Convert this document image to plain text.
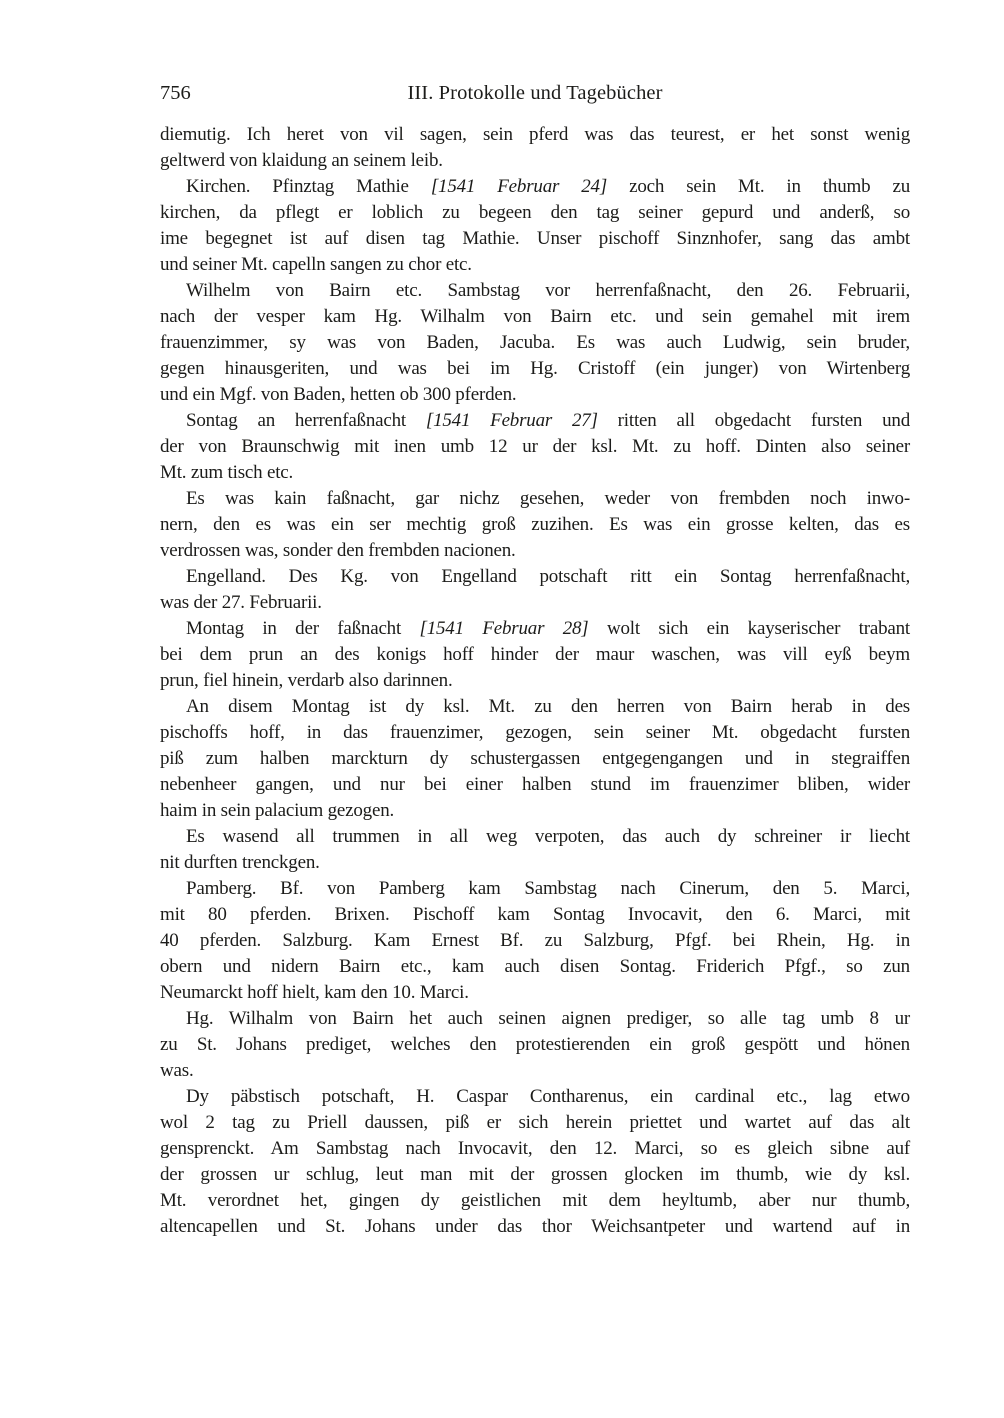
756	III. Protokolle und Tagebücher
diemutig. Ich heret von vil sagen, sein pferd was das teurest, er het sonst wenig
geltwerd von klaidung an seinem leib.
Kirchen. Pfinztag Mathie [1541 Februar 24] zoch sein Mt. in thumb zu
kirchen, da pflegt er loblich zu begeen den tag seiner gepurd und anderß, so
ime begegnet ist auf disen tag Mathie. Unser pischoff Sinznhofer, sang das ambt
und seiner Mt. capelln sangen zu chor etc.
Wilhelm von Bairn etc. Sambstag vor herrenfaßnacht, den 26. Februarii,
nach der vesper kam Hg. Wilhalm von Bairn etc. und sein gemahel mit irem
frauenzimmer, sy was von Baden, Jacuba. Es was auch Ludwig, sein bruder,
gegen hinausgeriten, und was bei im Hg. Cristoff (ein junger) von Wirtenberg
und ein Mgf. von Baden, hetten ob 300 pferden.
Sontag an herrenfaßnacht [1541 Februar 27] ritten all obgedacht fursten und
der von Braunschwig mit inen umb 12 ur der ksl. Mt. zu hoff. Dinten also seiner
Mt. zum tisch etc.
Es was kain faßnacht, gar nichz gesehen, weder von frembden noch inwo-
nern, den es was ein ser mechtig groß zuzihen. Es was ein grosse kelten, das es
verdrossen was, sonder den frembden nacionen.
Engelland. Des Kg. von Engelland potschaft ritt ein Sontag herrenfaßnacht,
was der 27. Februarii.
Montag in der faßnacht [1541 Februar 28] wolt sich ein kayserischer trabant
bei dem prun an des konigs hoff hinder der maur waschen, was vill eyß beym
prun, fiel hinein, verdarb also darinnen.
An disem Montag ist dy ksl. Mt. zu den herren von Bairn herab in des
pischoffs hoff, in das frauenzimer, gezogen, sein seiner Mt. obgedacht fursten
piß zum halben marckturn dy schustergassen entgegengangen und in stegraiffen
nebenheer gangen, und nur bei einer halben stund im frauenzimer bliben, wider
haim in sein palacium gezogen.
Es wasend all trummen in all weg verpoten, das auch dy schreiner ir liecht
nit durften trenckgen.
Pamberg. Bf. von Pamberg kam Sambstag nach Cinerum, den 5. Marci,
mit 80 pferden. Brixen. Pischoff kam Sontag Invocavit, den 6. Marci, mit
40 pferden. Salzburg. Kam Ernest Bf. zu Salzburg, Pfgf. bei Rhein, Hg. in
obern und nidern Bairn etc., kam auch disen Sontag. Friderich Pfgf., so zun
Neumarckt hoff hielt, kam den 10. Marci.
Hg. Wilhalm von Bairn het auch seinen aignen prediger, so alle tag umb 8 ur
zu St. Johans prediget, welches den protestierenden ein groß gespött und hönen
was.
Dy päbstisch potschaft, H. Caspar Contharenus, ein cardinal etc., lag etwo
wol 2 tag zu Priell daussen, piß er sich herein priettet und wartet auf das alt
gensprenckt. Am Sambstag nach Invocavit, den 12. Marci, so es gleich sibne auf
der grossen ur schlug, leut man mit der grossen glocken im thumb, wie dy ksl.
Mt. verordnet het, gingen dy geistlichen mit dem heyltumb, aber nur thumb,
altencapellen und St. Johans under das thor Weichsantpeter und wartend auf in
